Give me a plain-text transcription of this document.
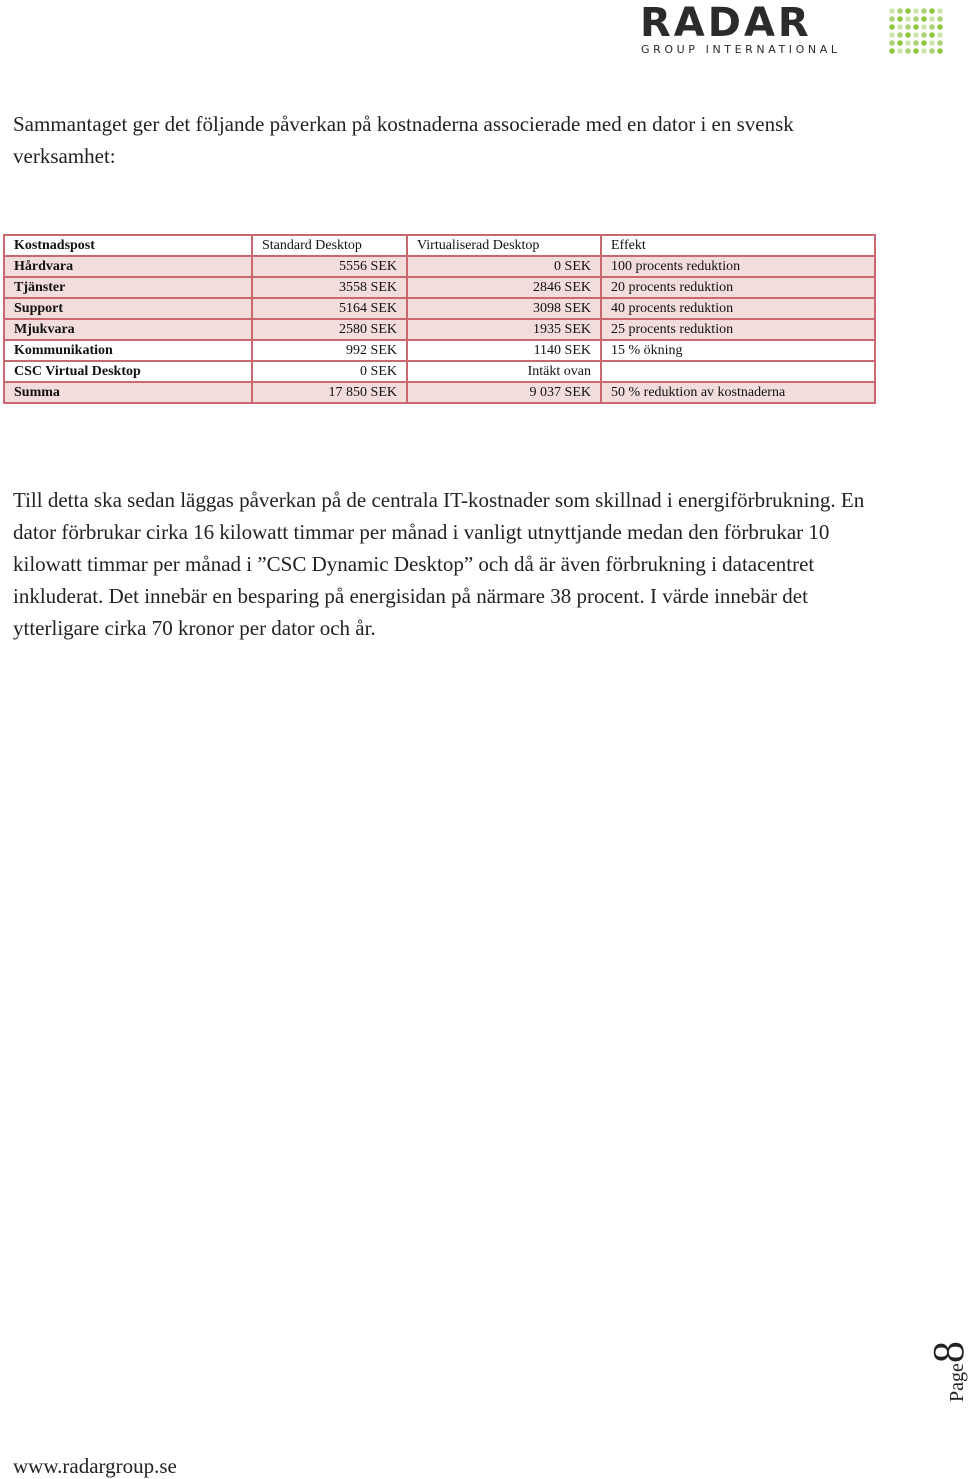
RADAR
GROUP INTERNATIONAL
Sammantaget ger det följande påverkan på kostnaderna associerade med en dator i en svensk verksamhet:
Kostnadspost	Standard Desktop	Virtualiserad Desktop	Effekt
Hårdvara	5556 SEK	0 SEK	100 procents reduktion
Tjänster	3558 SEK	2846 SEK	20 procents reduktion
Support	5164 SEK	3098 SEK	40 procents reduktion
Mjukvara	2580 SEK	1935 SEK	25 procents reduktion
Kommunikation	992 SEK	1140 SEK	15 % ökning
CSC Virtual Desktop	0 SEK	Intäkt ovan	
Summa	17 850 SEK	9 037 SEK	50 % reduktion av kostnaderna
Till detta ska sedan läggas påverkan på de centrala IT-kostnader som skillnad i energiförbrukning. En dator förbrukar cirka 16 kilowatt timmar per månad i vanligt utnyttjande medan den förbrukar 10 kilowatt timmar per månad i ”CSC Dynamic Desktop” och då är även förbrukning i datacentret inkluderat. Det innebär en besparing på energisidan på närmare 38 procent. I värde innebär det ytterligare cirka 70 kronor per dator och år.
Page8
www.radargroup.se
